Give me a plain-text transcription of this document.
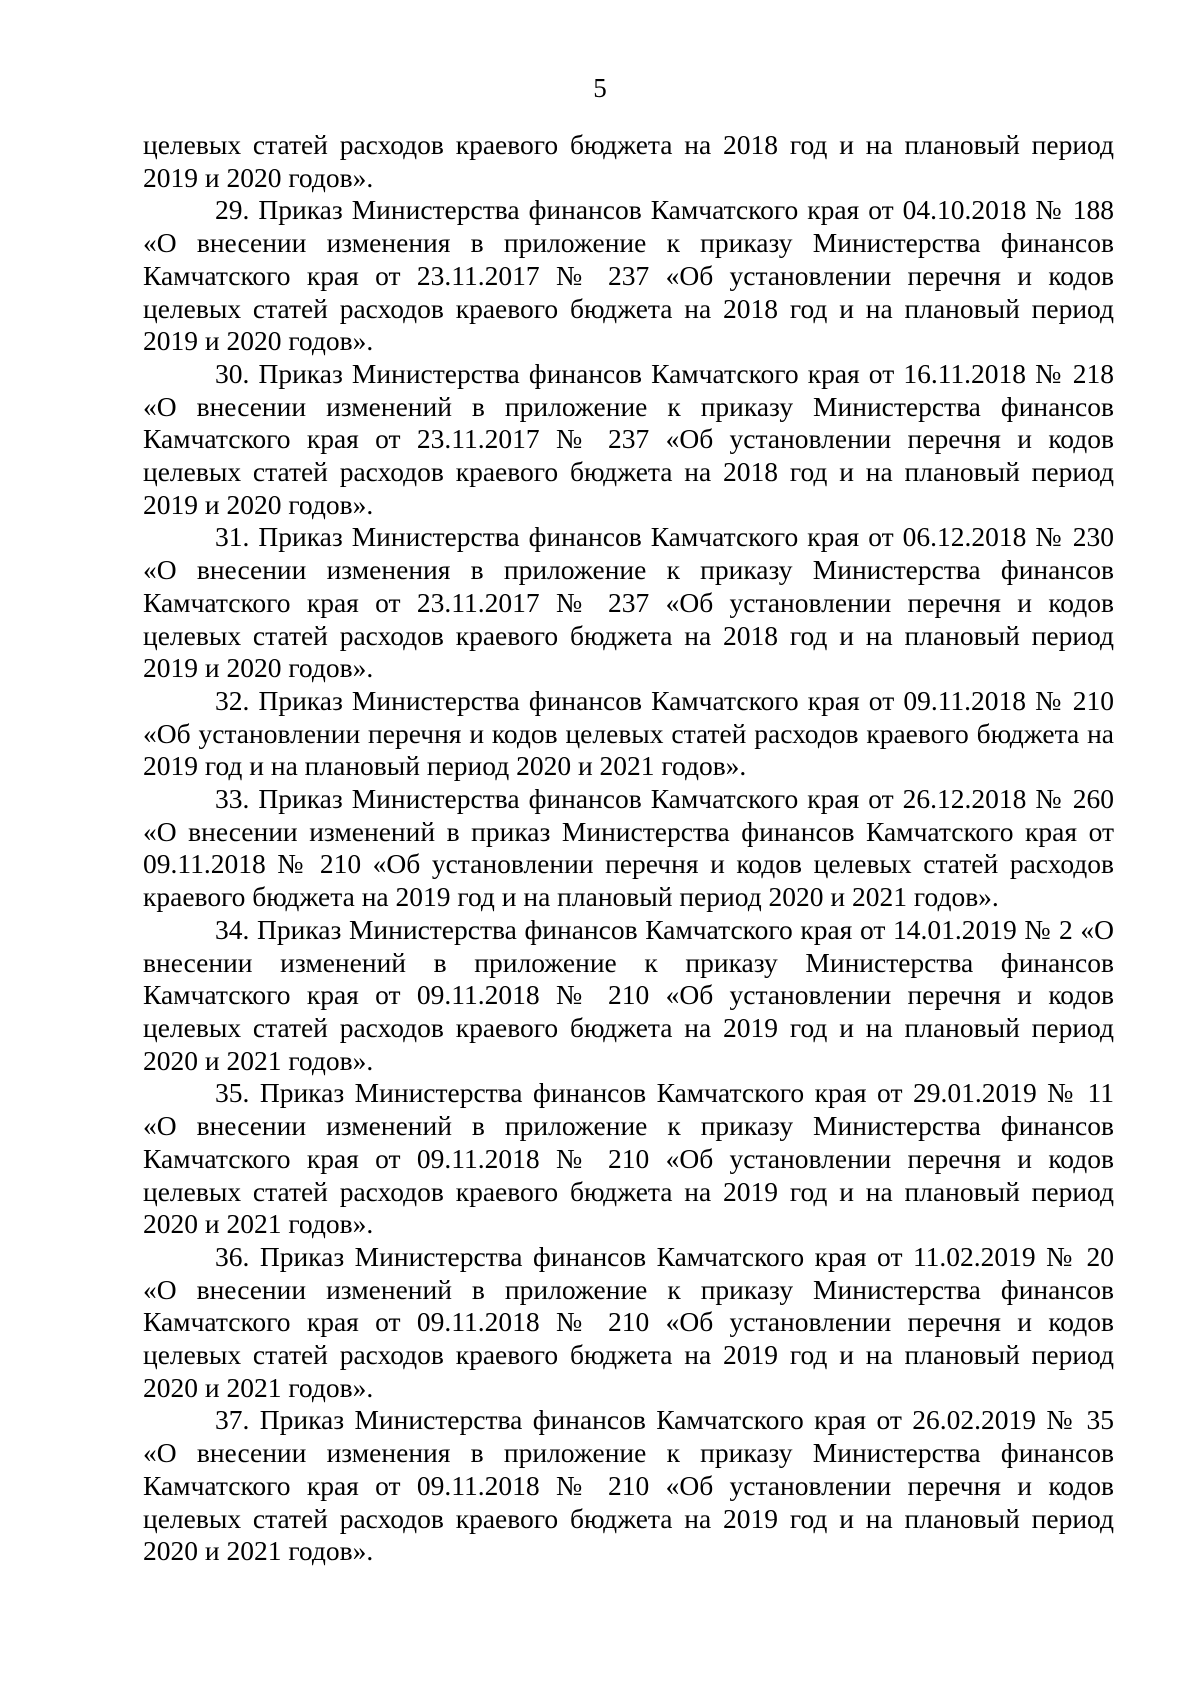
5

целевых статей расходов краевого бюджета на 2018 год и на плановый период 2019 и 2020 годов».

29. Приказ Министерства финансов Камчатского края от 04.10.2018 № 188 «О внесении изменения в приложение к приказу Министерства финансов Камчатского края от 23.11.2017 № 237 «Об установлении перечня и кодов целевых статей расходов краевого бюджета на 2018 год и на плановый период 2019 и 2020 годов».

30. Приказ Министерства финансов Камчатского края от 16.11.2018 № 218 «О внесении изменений в приложение к приказу Министерства финансов Камчатского края от 23.11.2017 № 237 «Об установлении перечня и кодов целевых статей расходов краевого бюджета на 2018 год и на плановый период 2019 и 2020 годов».

31. Приказ Министерства финансов Камчатского края от 06.12.2018 № 230 «О внесении изменения в приложение к приказу Министерства финансов Камчатского края от 23.11.2017 № 237 «Об установлении перечня и кодов целевых статей расходов краевого бюджета на 2018 год и на плановый период 2019 и 2020 годов».

32. Приказ Министерства финансов Камчатского края от 09.11.2018 № 210 «Об установлении перечня и кодов целевых статей расходов краевого бюджета на 2019 год и на плановый период 2020 и 2021 годов».

33. Приказ Министерства финансов Камчатского края от 26.12.2018 № 260 «О внесении изменений в приказ Министерства финансов Камчатского края от 09.11.2018 № 210 «Об установлении перечня и кодов целевых статей расходов краевого бюджета на 2019 год и на плановый период 2020 и 2021 годов».

34. Приказ Министерства финансов Камчатского края от 14.01.2019 № 2 «О внесении изменений в приложение к приказу Министерства финансов Камчатского края от 09.11.2018 № 210 «Об установлении перечня и кодов целевых статей расходов краевого бюджета на 2019 год и на плановый период 2020 и 2021 годов».

35. Приказ Министерства финансов Камчатского края от 29.01.2019 № 11 «О внесении изменений в приложение к приказу Министерства финансов Камчатского края от 09.11.2018 № 210 «Об установлении перечня и кодов целевых статей расходов краевого бюджета на 2019 год и на плановый период 2020 и 2021 годов».

36. Приказ Министерства финансов Камчатского края от 11.02.2019 № 20 «О внесении изменений в приложение к приказу Министерства финансов Камчатского края от 09.11.2018 № 210 «Об установлении перечня и кодов целевых статей расходов краевого бюджета на 2019 год и на плановый период 2020 и 2021 годов».

37. Приказ Министерства финансов Камчатского края от 26.02.2019 № 35 «О внесении изменения в приложение к приказу Министерства финансов Камчатского края от 09.11.2018 № 210 «Об установлении перечня и кодов целевых статей расходов краевого бюджета на 2019 год и на плановый период 2020 и 2021 годов».
